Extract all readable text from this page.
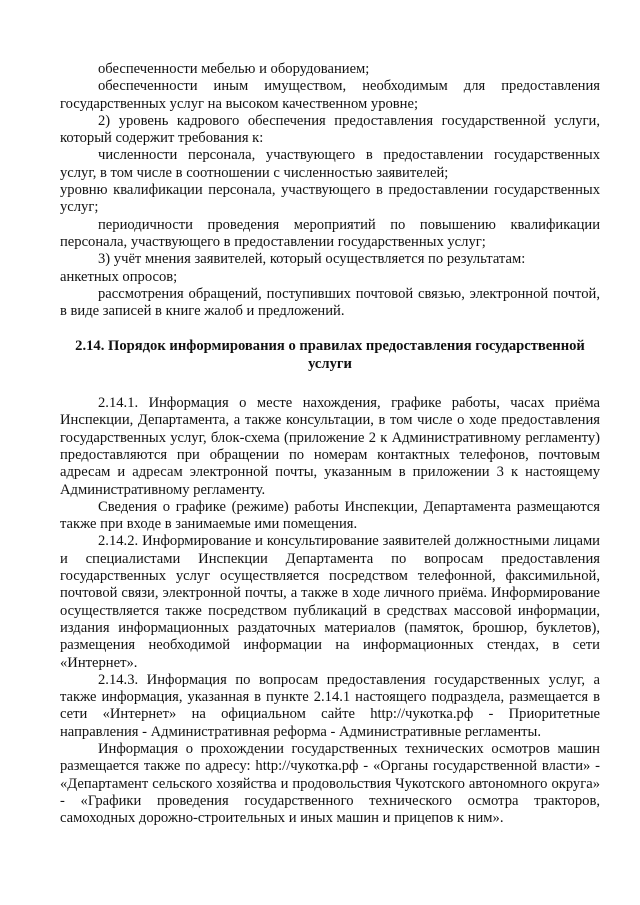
обеспеченности мебелью и оборудованием;

обеспеченности иным имуществом, необходимым для предоставления государственных услуг на высоком качественном уровне;

2) уровень кадрового обеспечения предоставления государственной услуги, который содержит требования к:

численности персонала, участвующего в предоставлении государственных услуг, в том числе в соотношении с численностью заявителей;

уровню квалификации персонала, участвующего в предоставлении государственных услуг;

периодичности проведения мероприятий по повышению квалификации персонала, участвующего в предоставлении государственных услуг;

3) учёт мнения заявителей, который осуществляется по результатам:

анкетных опросов;

рассмотрения обращений, поступивших почтовой связью, электронной почтой, в виде записей в книге жалоб и предложений.

2.14. Порядок информирования о правилах предоставления государственной
услуги

2.14.1. Информация о месте нахождения, графике работы, часах приёма Инспекции, Департамента, а также консультации, в том числе о ходе предоставления государственных услуг, блок-схема (приложение 2 к Административному регламенту) предоставляются при обращении по номерам контактных телефонов, почтовым адресам и адресам электронной почты, указанным в приложении 3 к настоящему Административному регламенту.

Сведения о графике (режиме) работы Инспекции, Департамента размещаются также при входе в занимаемые ими помещения.

2.14.2. Информирование и консультирование заявителей должностными лицами и специалистами Инспекции Департамента по вопросам предоставления государственных услуг осуществляется посредством телефонной, факсимильной, почтовой связи, электронной почты, а также в ходе личного приёма. Информирование осуществляется также посредством публикаций в средствах массовой информации, издания информационных раздаточных материалов (памяток, брошюр, буклетов), размещения необходимой информации на информационных стендах, в сети «Интернет».

2.14.3. Информация по вопросам предоставления государственных услуг, а также информация, указанная в пункте 2.14.1 настоящего подраздела, размещается в сети «Интернет» на официальном сайте http://чукотка.рф - Приоритетные направления - Административная реформа - Административные регламенты.

Информация о прохождении государственных технических осмотров машин размещается также по адресу: http://чукотка.рф - «Органы государственной власти» - «Департамент сельского хозяйства и продовольствия Чукотского автономного округа» - «Графики проведения государственного технического осмотра тракторов, самоходных дорожно-строительных и иных машин и прицепов к ним».
